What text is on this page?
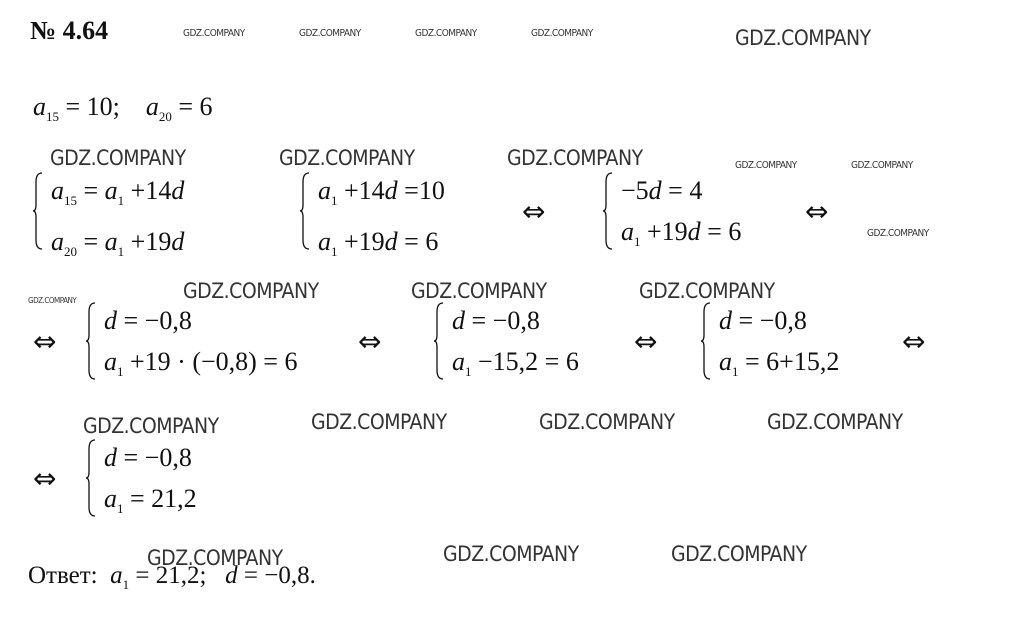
№ 4.64	GDZ.COMPANY	GDZ.COMPANY	GDZ.COMPANY	GDZ.COMPANY	GDZ.COMPANY
GDZ.COMPANY	GDZ.COMPANY	GDZ.COMPANY	GDZ.COMPANY	GDZ.COMPANY
GDZ.COMPANY
GDZ.COMPANY	GDZ.COMPANY	GDZ.COMPANY	GDZ.COMPANY
GDZ.COMPANY	GDZ.COMPANY	GDZ.COMPANY	GDZ.COMPANY
GDZ.COMPANY	GDZ.COMPANY	GDZ.COMPANY
$a_{15} = 10$; $a_{20} = 6$
$a_{15} = a_1 +14d$
$a_{20} = a_1 +19d$
$a_1 +14d =10$
$a_1 +19d = 6$
⇔
−5d = 4
$a_1 +19d = 6$
⇔
⇔
d = −0,8
$a_1 +19 \cdot (-0,8) = 6$
⇔
d = −0,8
$a_1 -15,2 = 6$
⇔
d = −0,8
$a_1 = 6+15,2$
⇔
⇔
d = −0,8
$a_1 = 21,2$
Ответ: $a_1 = 21,2$; d = −0,8.
